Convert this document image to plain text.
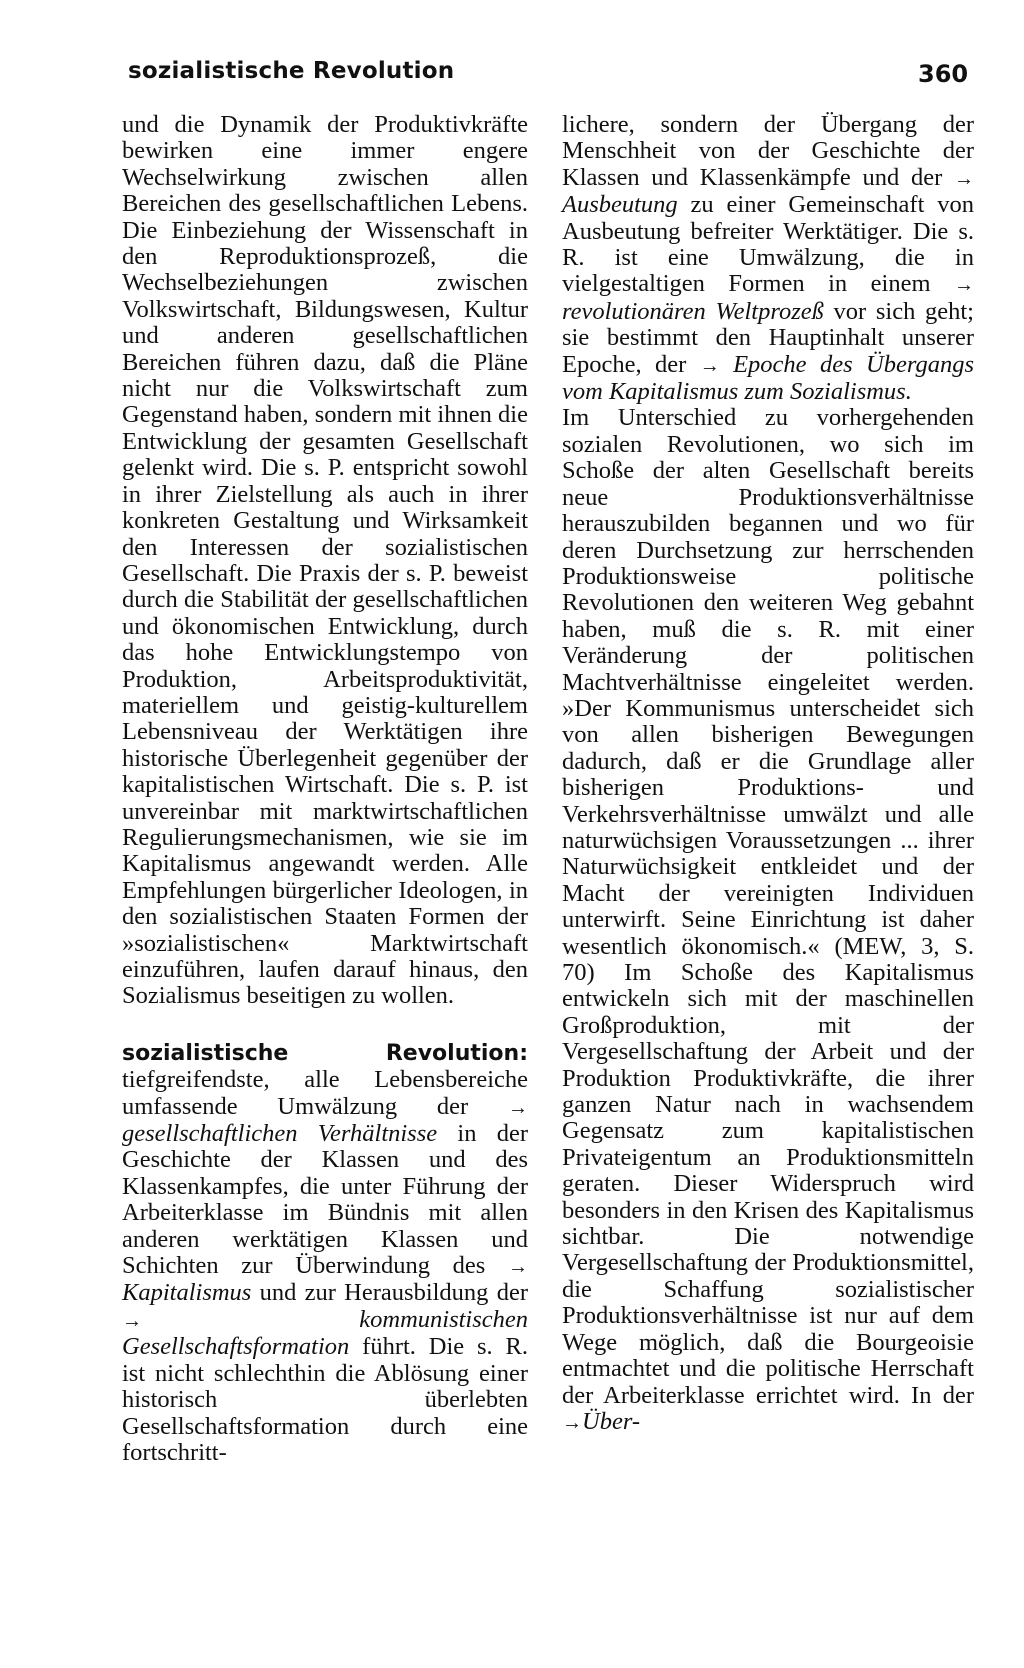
sozialistische Revolution	360

und die Dynamik der Produktivkräfte bewirken eine immer engere Wechselwirkung zwischen allen Bereichen des gesellschaftlichen Lebens. Die Einbeziehung der Wissenschaft in den Reproduktionsprozeß, die Wechselbeziehungen zwischen Volkswirtschaft, Bildungswesen, Kultur und anderen gesellschaftlichen Bereichen führen dazu, daß die Pläne nicht nur die Volkswirtschaft zum Gegenstand haben, sondern mit ihnen die Entwicklung der gesamten Gesellschaft gelenkt wird. Die s. P. entspricht sowohl in ihrer Zielstellung als auch in ihrer konkreten Gestaltung und Wirksamkeit den Interessen der sozialistischen Gesellschaft. Die Praxis der s. P. beweist durch die Stabilität der gesellschaftlichen und ökonomischen Entwicklung, durch das hohe Entwicklungstempo von Produktion, Arbeitsproduktivität, materiellem und geistig-kulturellem Lebensniveau der Werktätigen ihre historische Überlegenheit gegenüber der kapitalistischen Wirtschaft. Die s. P. ist unvereinbar mit marktwirtschaftlichen Regulierungsmechanismen, wie sie im Kapitalismus angewandt werden. Alle Empfehlungen bürgerlicher Ideologen, in den sozialistischen Staaten Formen der »sozialistischen« Marktwirtschaft einzuführen, laufen darauf hinaus, den Sozialismus beseitigen zu wollen.

sozialistische Revolution: tiefgreifendste, alle Lebensbereiche umfassende Umwälzung der → gesellschaftlichen Verhältnisse in der Geschichte der Klassen und des Klassenkampfes, die unter Führung der Arbeiterklasse im Bündnis mit allen anderen werktätigen Klassen und Schichten zur Überwindung des → Kapitalismus und zur Herausbildung der →	kommunistischen Gesellschaftsformation führt. Die s. R. ist nicht schlechthin die Ablösung einer historisch überlebten Gesellschaftsformation durch eine fortschritt-

lichere, sondern der Übergang der Menschheit von der Geschichte der Klassen und Klassenkämpfe und der → Ausbeutung zu einer Gemeinschaft von Ausbeutung befreiter Werktätiger. Die s. R. ist eine Umwälzung, die in vielgestaltigen Formen in einem → revolutionären Weltprozeß vor sich geht; sie bestimmt den Hauptinhalt unserer Epoche, der → Epoche des Übergangs vom Kapitalismus zum Sozialismus.

Im Unterschied zu vorhergehenden sozialen Revolutionen, wo sich im Schoße der alten Gesellschaft bereits neue Produktionsverhältnisse herauszubilden begannen und wo für deren Durchsetzung zur herrschenden Produktionsweise politische Revolutionen den weiteren Weg gebahnt haben, muß die s. R. mit einer Veränderung der politischen Machtverhältnisse eingeleitet werden. »Der Kommunismus unterscheidet sich von allen bisherigen Bewegungen dadurch, daß er die Grundlage aller bisherigen Produktions- und Verkehrsverhältnisse umwälzt und alle naturwüchsigen Voraussetzungen ... ihrer Naturwüchsigkeit entkleidet und der Macht der vereinigten Individuen unterwirft. Seine Einrichtung ist daher wesentlich ökonomisch.« (MEW, 3, S. 70) Im Schoße des Kapitalismus entwickeln sich mit der maschinellen Großproduktion, mit der Vergesellschaftung der Arbeit und der Produktion Produktivkräfte, die ihrer ganzen Natur nach in wachsendem Gegensatz zum kapitalistischen Privateigentum an Produktionsmitteln geraten. Dieser Widerspruch wird besonders in den Krisen des Kapitalismus sichtbar. Die notwendige Vergesellschaftung der Produktionsmittel, die Schaffung sozialistischer Produktionsverhältnisse ist nur auf dem Wege möglich, daß die Bourgeoisie entmachtet und die politische Herrschaft der Arbeiterklasse errichtet wird. In der →Über-
